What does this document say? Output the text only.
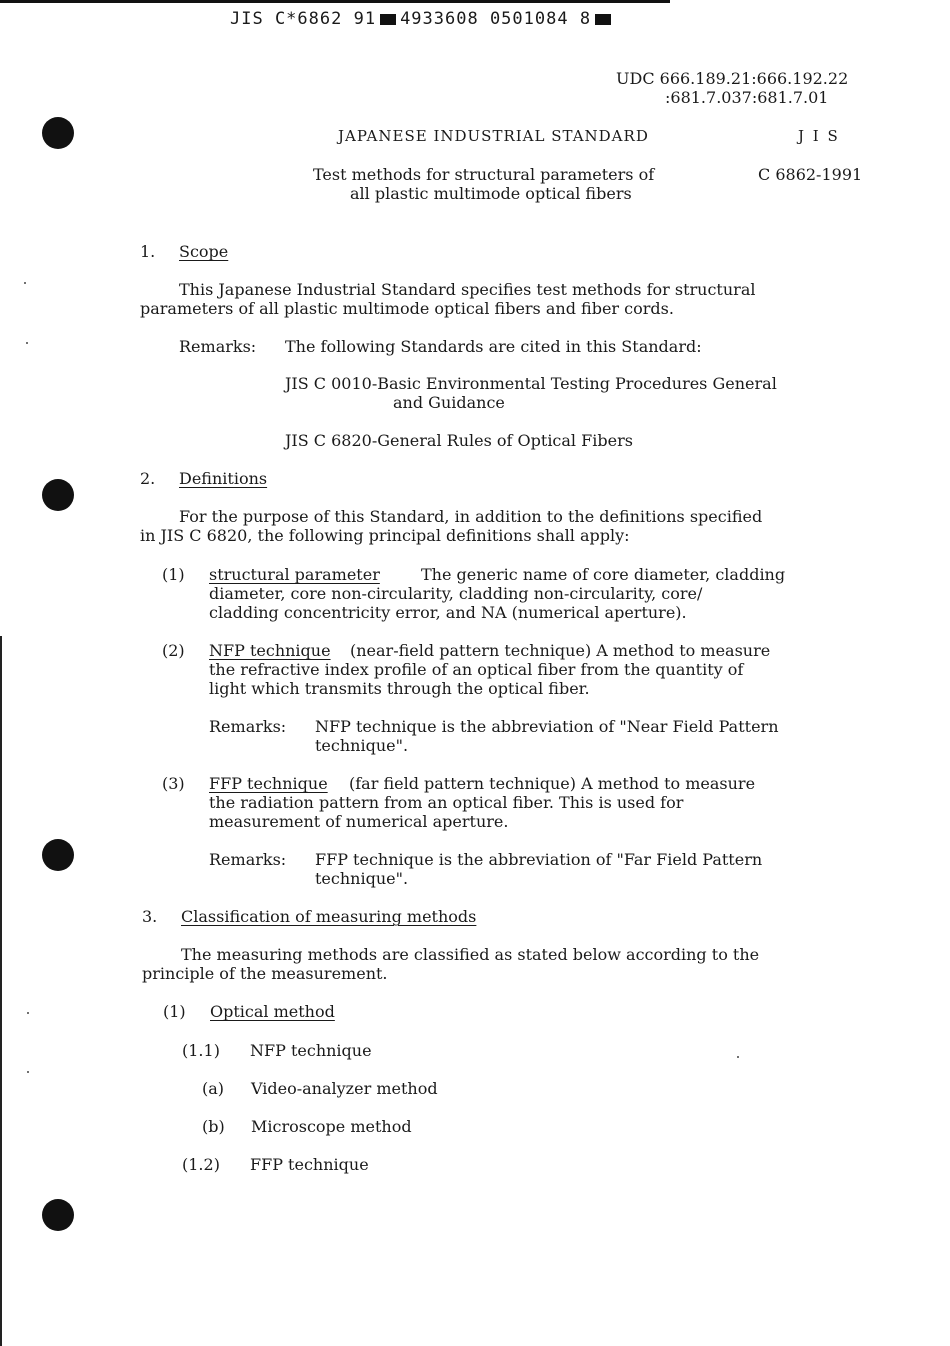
JIS C*6862 91 4933608 0501084 8
UDC 666.189.21:666.192.22
:681.7.037:681.7.01
JAPANESE INDUSTRIAL STANDARD	J I S
Test methods for structural parameters of
all plastic multimode optical fibers
C 6862-1991
1. Scope
This Japanese Industrial Standard specifies test methods for structural
parameters of all plastic multimode optical fibers and fiber cords.
Remarks: The following Standards are cited in this Standard:
JIS C 0010-Basic Environmental Testing Procedures General
and Guidance
JIS C 6820-General Rules of Optical Fibers
2. Definitions
For the purpose of this Standard, in addition to the definitions specified
in JIS C 6820, the following principal definitions shall apply:
(1) structural parameter	The generic name of core diameter, cladding
diameter, core non-circularity, cladding non-circularity, core/
cladding concentricity error, and NA (numerical aperture).
(2) NFP technique (near-field pattern technique) A method to measure
the refractive index profile of an optical fiber from the quantity of
light which transmits through the optical fiber.
Remarks: NFP technique is the abbreviation of "Near Field Pattern
technique".
(3) FFP technique (far field pattern technique) A method to measure
the radiation pattern from an optical fiber. This is used for
measurement of numerical aperture.
Remarks: FFP technique is the abbreviation of "Far Field Pattern
technique".
3. Classification of measuring methods
The measuring methods are classified as stated below according to the
principle of the measurement.
(1) Optical method
(1.1) NFP technique
(a) Video-analyzer method
(b) Microscope method
(1.2) FFP technique
